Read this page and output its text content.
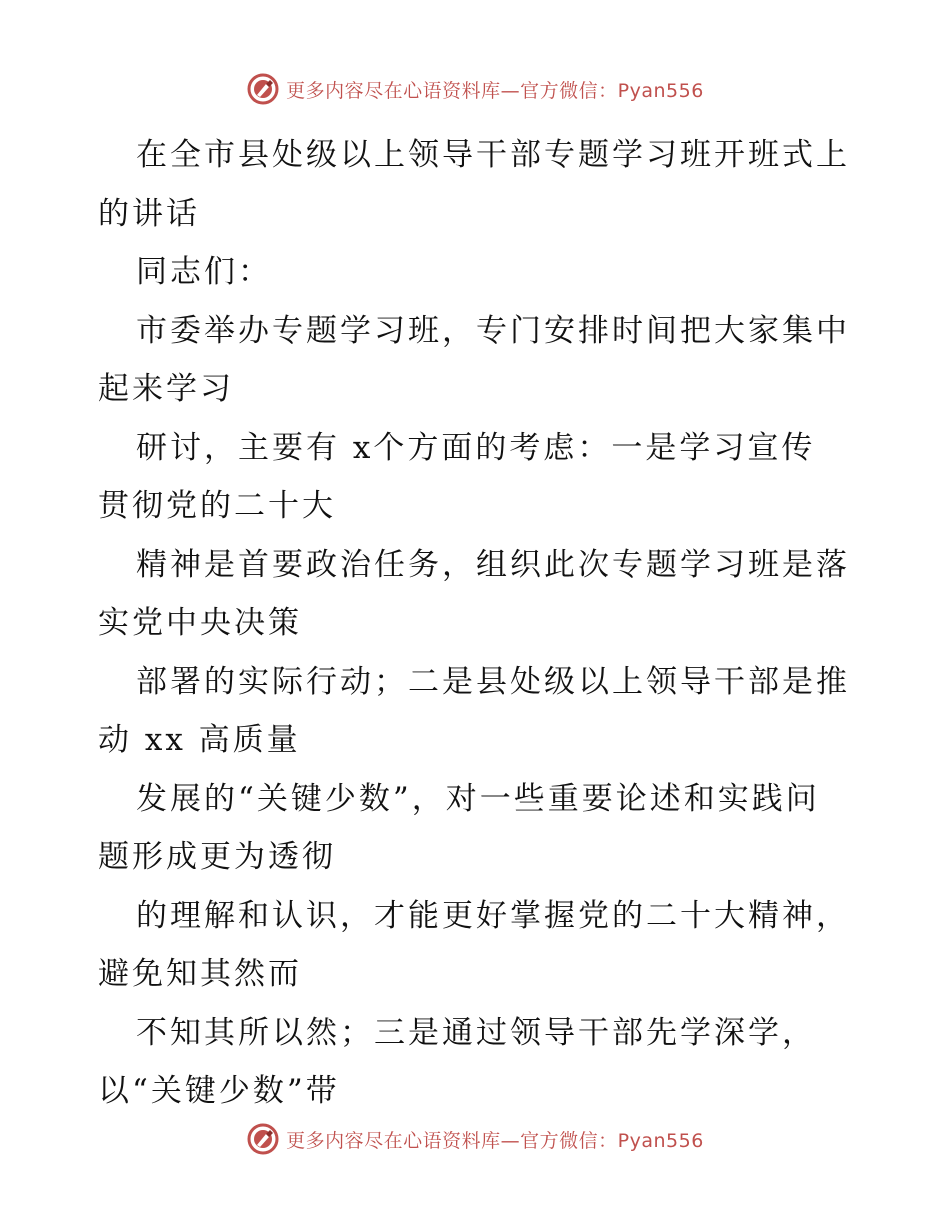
更多内容尽在心语资料库—官方微信：Pyan556
在全市县处级以上领导干部专题学习班开班式上
的讲话
同志们：
市委举办专题学习班，专门安排时间把大家集中
起来学习
研讨，主要有 x个方面的考虑：一是学习宣传
贯彻党的二十大
精神是首要政治任务，组织此次专题学习班是落
实党中央决策
部署的实际行动；二是县处级以上领导干部是推
动 xx 高质量
发展的“关键少数”，对一些重要论述和实践问
题形成更为透彻
的理解和认识，才能更好掌握党的二十大精神，
避免知其然而
不知其所以然；三是通过领导干部先学深学，
以“关键少数”带
更多内容尽在心语资料库—官方微信：Pyan556
